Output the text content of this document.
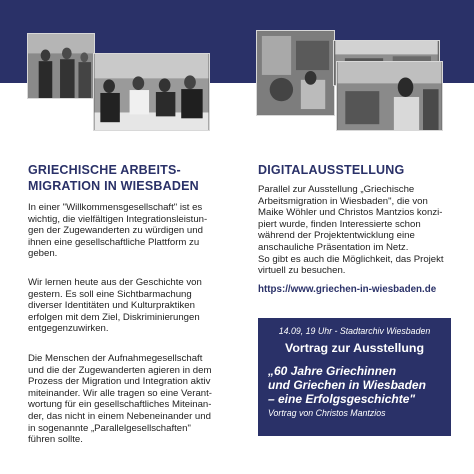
GRIECHISCHE ARBEITS-
MIGRATION IN WIESBADEN
In einer "Willkommensgesellschaft" ist es
wichtig, die vielfältigen Integrationsleistun-
gen der Zugewanderten zu würdigen und
ihnen eine gesellschaftliche Plattform zu
geben.
Wir lernen heute aus der Geschichte von
gestern. Es soll eine Sichtbarmachung
diverser Identitäten und Kulturpraktiken
erfolgen mit dem Ziel, Diskriminierungen
entgegenzuwirken.
Die Menschen der Aufnahmegesellschaft
und die der Zugewanderten agieren in dem
Prozess der Migration und Integration aktiv
miteinander. Wir alle tragen so eine Verant-
wortung für ein gesellschaftliches Miteinan-
der, das nicht in einem Nebeneinander und
in sogenannte „Parallelgesellschaften"
führen sollte.
DIGITALAUSSTELLUNG
Parallel zur Ausstellung „Griechische
Arbeitsmigration in Wiesbaden", die von
Maike Wöhler und Christos Mantzios konzi-
piert wurde, finden Interessierte schon
während der Projektentwicklung eine
anschauliche Präsentation im Netz.
So gibt es auch die Möglichkeit, das Projekt
virtuell zu besuchen.
https://www.griechen-in-wiesbaden.de
14.09, 19 Uhr - Stadtarchiv Wiesbaden
Vortrag zur Ausstellung
„60 Jahre Griechinnen
und Griechen in Wiesbaden
– eine Erfolgsgeschichte"
Vortrag von Christos Mantzios
